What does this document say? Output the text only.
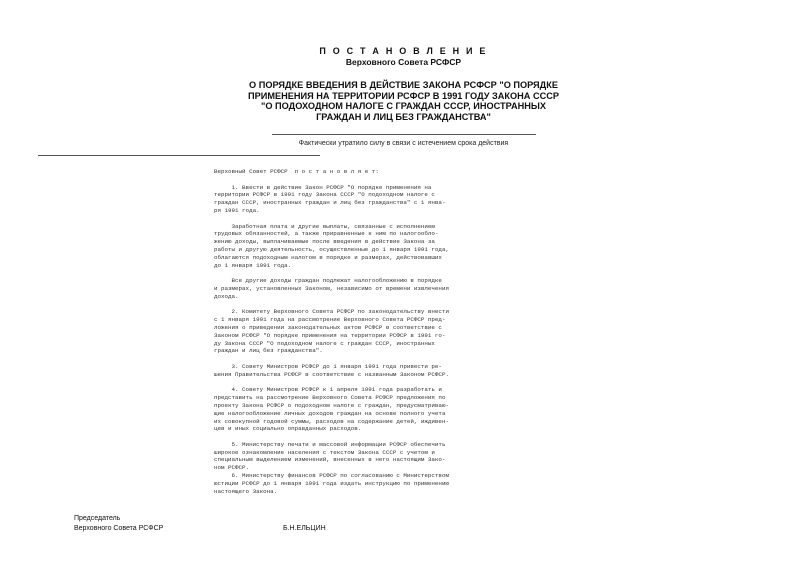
П О С Т А Н О В Л Е Н И Е
Верховного Совета РСФСР
О ПОРЯДКЕ ВВЕДЕНИЯ В ДЕЙСТВИЕ ЗАКОНА РСФСР "О ПОРЯДКЕ
ПРИМЕНЕНИЯ НА ТЕРРИТОРИИ РСФСР В 1991 ГОДУ ЗАКОНА СССР
"О ПОДОХОДНОМ НАЛОГЕ С ГРАЖДАН СССР, ИНОСТРАННЫХ
ГРАЖДАН И ЛИЦ БЕЗ ГРАЖДАНСТВА"
Фактически утратило силу в связи с истечением срока действия
Верховный Совет РСФСР  п о с т а н о в л я е т:
1. Ввести в действие Закон РСФСР "О порядке применения на
территории РСФСР в 1991 году Закона СССР "О подоходном налоге с
граждан СССР, иностранных граждан и лиц без гражданства" с 1 янва-
ря 1991 года.
Заработная плата и другие выплаты, связанные с исполнением
трудовых обязанностей, а также приравненные к ним по налогообло-
жению доходы, выплачиваемые после введения в действие Закона за
работы и другую деятельность, осуществленные до 1 января 1991 года,
облагаются подоходным налогом в порядке и размерах, действовавших
до 1 января 1991 года.
Все другие доходы граждан подлежат налогообложению в порядке
и размерах, установленных Законом, независимо от времени извлечения
дохода.
2. Комитету Верховного Совета РСФСР по законодательству внести
с 1 января 1991 года на рассмотрение Верховного Совета РСФСР пред-
ложения о приведении законодательных актов РСФСР в соответствие с
Законом РСФСР "О порядке применения на территории РСФСР в 1991 го-
ду Закона СССР "О подоходном налоге с граждан СССР, иностранных
граждан и лиц без гражданства".
3. Совету Министров РСФСР до 1 января 1991 года привести ре-
шения Правительства РСФСР в соответствие с названным Законом РСФСР.
4. Совету Министров РСФСР к 1 апреля 1991 года разработать и
представить на рассмотрение Верховного Совета РСФСР предложения по
проекту Закона РСФСР о подоходном налоге с граждан, предусматриваю-
щие налогообложение личных доходов граждан на основе полного учета
их совокупной годовой суммы, расходов на содержание детей, иждивен-
цев и иных социально оправданных расходов.
5. Министерству печати и массовой информации РСФСР обеспечить
широкое ознакомление населения с текстом Закона СССР с учетом и
специальным выделением изменений, внесенных в него настоящим Зако-
ном РСФСР.
6. Министерству финансов РСФСР по согласованию с Министерством
юстиции РСФСР до 1 января 1991 года издать инструкцию по применению
настоящего Закона.
Председатель
Верховного Совета РСФСР	Б.Н.ЕЛЬЦИН
